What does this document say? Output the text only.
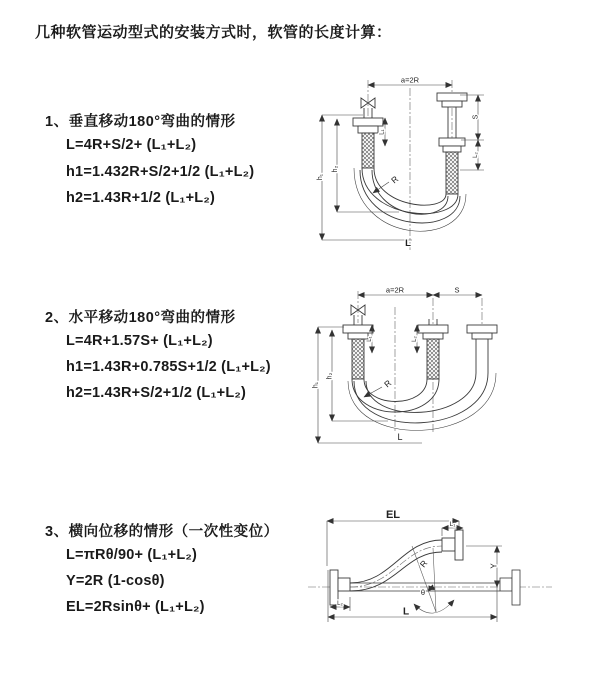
几种软管运动型式的安装方式时，软管的长度计算：
1、垂直移动180°弯曲的情形
L=4R+S/2+ (L₁+L₂)
h1=1.432R+S/2+1/2 (L₁+L₂)
h2=1.43R+1/2 (L₁+L₂)
2、水平移动180°弯曲的情形
L=4R+1.57S+ (L₁+L₂)
h1=1.43R+0.785S+1/2 (L₁+L₂)
h2=1.43R+S/2+1/2 (L₁+L₂)
3、横向位移的情形（一次性变位）
L=πRθ/90+ (L₁+L₂)
Y=2R (1-cosθ)
EL=2Rsinθ+ (L₁+L₂)
a=2R
h₁
h₂
L₁
S
L₂
R
L
a=2R	S
h₁
h₂
L₁	L₂
R
L
EL
L₁
R	Y
θ
L
L₂
